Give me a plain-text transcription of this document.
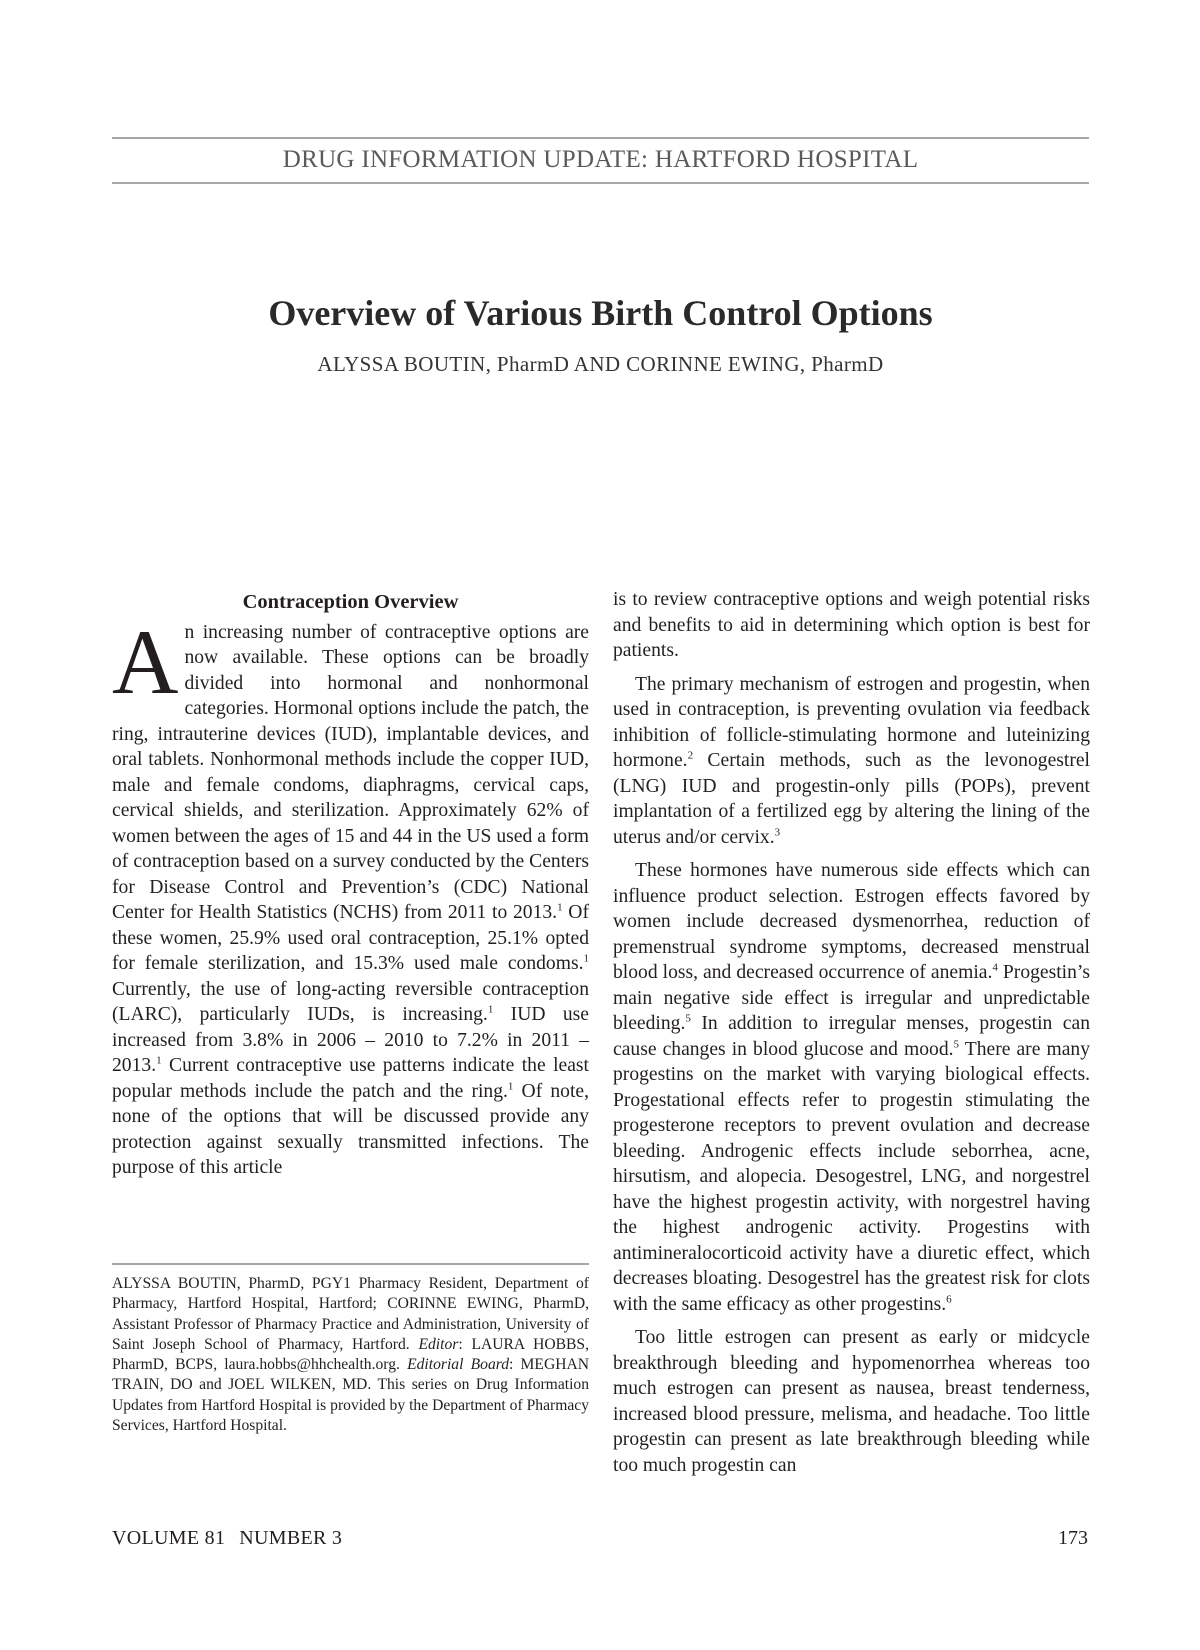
DRUG INFORMATION UPDATE: HARTFORD HOSPITAL
Overview of Various Birth Control Options
ALYSSA BOUTIN, PharmD AND CORINNE EWING, PharmD
Contraception Overview

An increasing number of contraceptive options are now available. These options can be broadly divided into hormonal and nonhormonal categories. Hormonal options include the patch, the ring, intrauterine devices (IUD), implantable devices, and oral tablets. Nonhormonal methods include the copper IUD, male and female condoms, diaphragms, cervical caps, cervical shields, and sterilization. Approximately 62% of women between the ages of 15 and 44 in the US used a form of contraception based on a survey conducted by the Centers for Disease Control and Prevention’s (CDC) National Center for Health Statistics (NCHS) from 2011 to 2013.$^1$ Of these women, 25.9% used oral contraception, 25.1% opted for female sterilization, and 15.3% used male condoms.$^1$ Currently, the use of long-acting reversible contraception (LARC), particularly IUDs, is increasing.$^1$ IUD use increased from 3.8% in 2006 – 2010 to 7.2% in 2011 – 2013.$^1$ Current contraceptive use patterns indicate the least popular methods include the patch and the ring.$^1$ Of note, none of the options that will be discussed provide any protection against sexually transmitted infections. The purpose of this article

is to review contraceptive options and weigh potential risks and benefits to aid in determining which option is best for patients.

The primary mechanism of estrogen and progestin, when used in contraception, is preventing ovulation via feedback inhibition of follicle-stimulating hormone and luteinizing hormone.$^2$ Certain methods, such as the levonogestrel (LNG) IUD and progestin-only pills (POPs), prevent implantation of a fertilized egg by altering the lining of the uterus and/or cervix.$^3$

These hormones have numerous side effects which can influence product selection. Estrogen effects favored by women include decreased dysmenorrhea, reduction of premenstrual syndrome symptoms, decreased menstrual blood loss, and decreased occurrence of anemia.$^4$ Progestin’s main negative side effect is irregular and unpredictable bleeding.$^5$ In addition to irregular menses, progestin can cause changes in blood glucose and mood.$^5$ There are many progestins on the market with varying biological effects. Progestational effects refer to progestin stimulating the progesterone receptors to prevent ovulation and decrease bleeding. Androgenic effects include seborrhea, acne, hirsutism, and alopecia. Desogestrel, LNG, and norgestrel have the highest progestin activity, with norgestrel having the highest androgenic activity. Progestins with antimineralocorticoid activity have a diuretic effect, which decreases bloating. Desogestrel has the greatest risk for clots with the same efficacy as other progestins.$^6$

Too little estrogen can present as early or midcycle breakthrough bleeding and hypomenorrhea whereas too much estrogen can present as nausea, breast tenderness, increased blood pressure, melisma, and headache. Too little progestin can present as late breakthrough bleeding while too much progestin can

ALYSSA BOUTIN, PharmD, PGY1 Pharmacy Resident, Department of Pharmacy, Hartford Hospital, Hartford; CORINNE EWING, PharmD, Assistant Professor of Pharmacy Practice and Administration, University of Saint Joseph School of Pharmacy, Hartford. Editor: LAURA HOBBS, PharmD, BCPS, laura.hobbs@hhchealth.org. Editorial Board: MEGHAN TRAIN, DO and JOEL WILKEN, MD. This series on Drug Information Updates from Hartford Hospital is provided by the Department of Pharmacy Services, Hartford Hospital.
VOLUME 81 NUMBER 3	173
